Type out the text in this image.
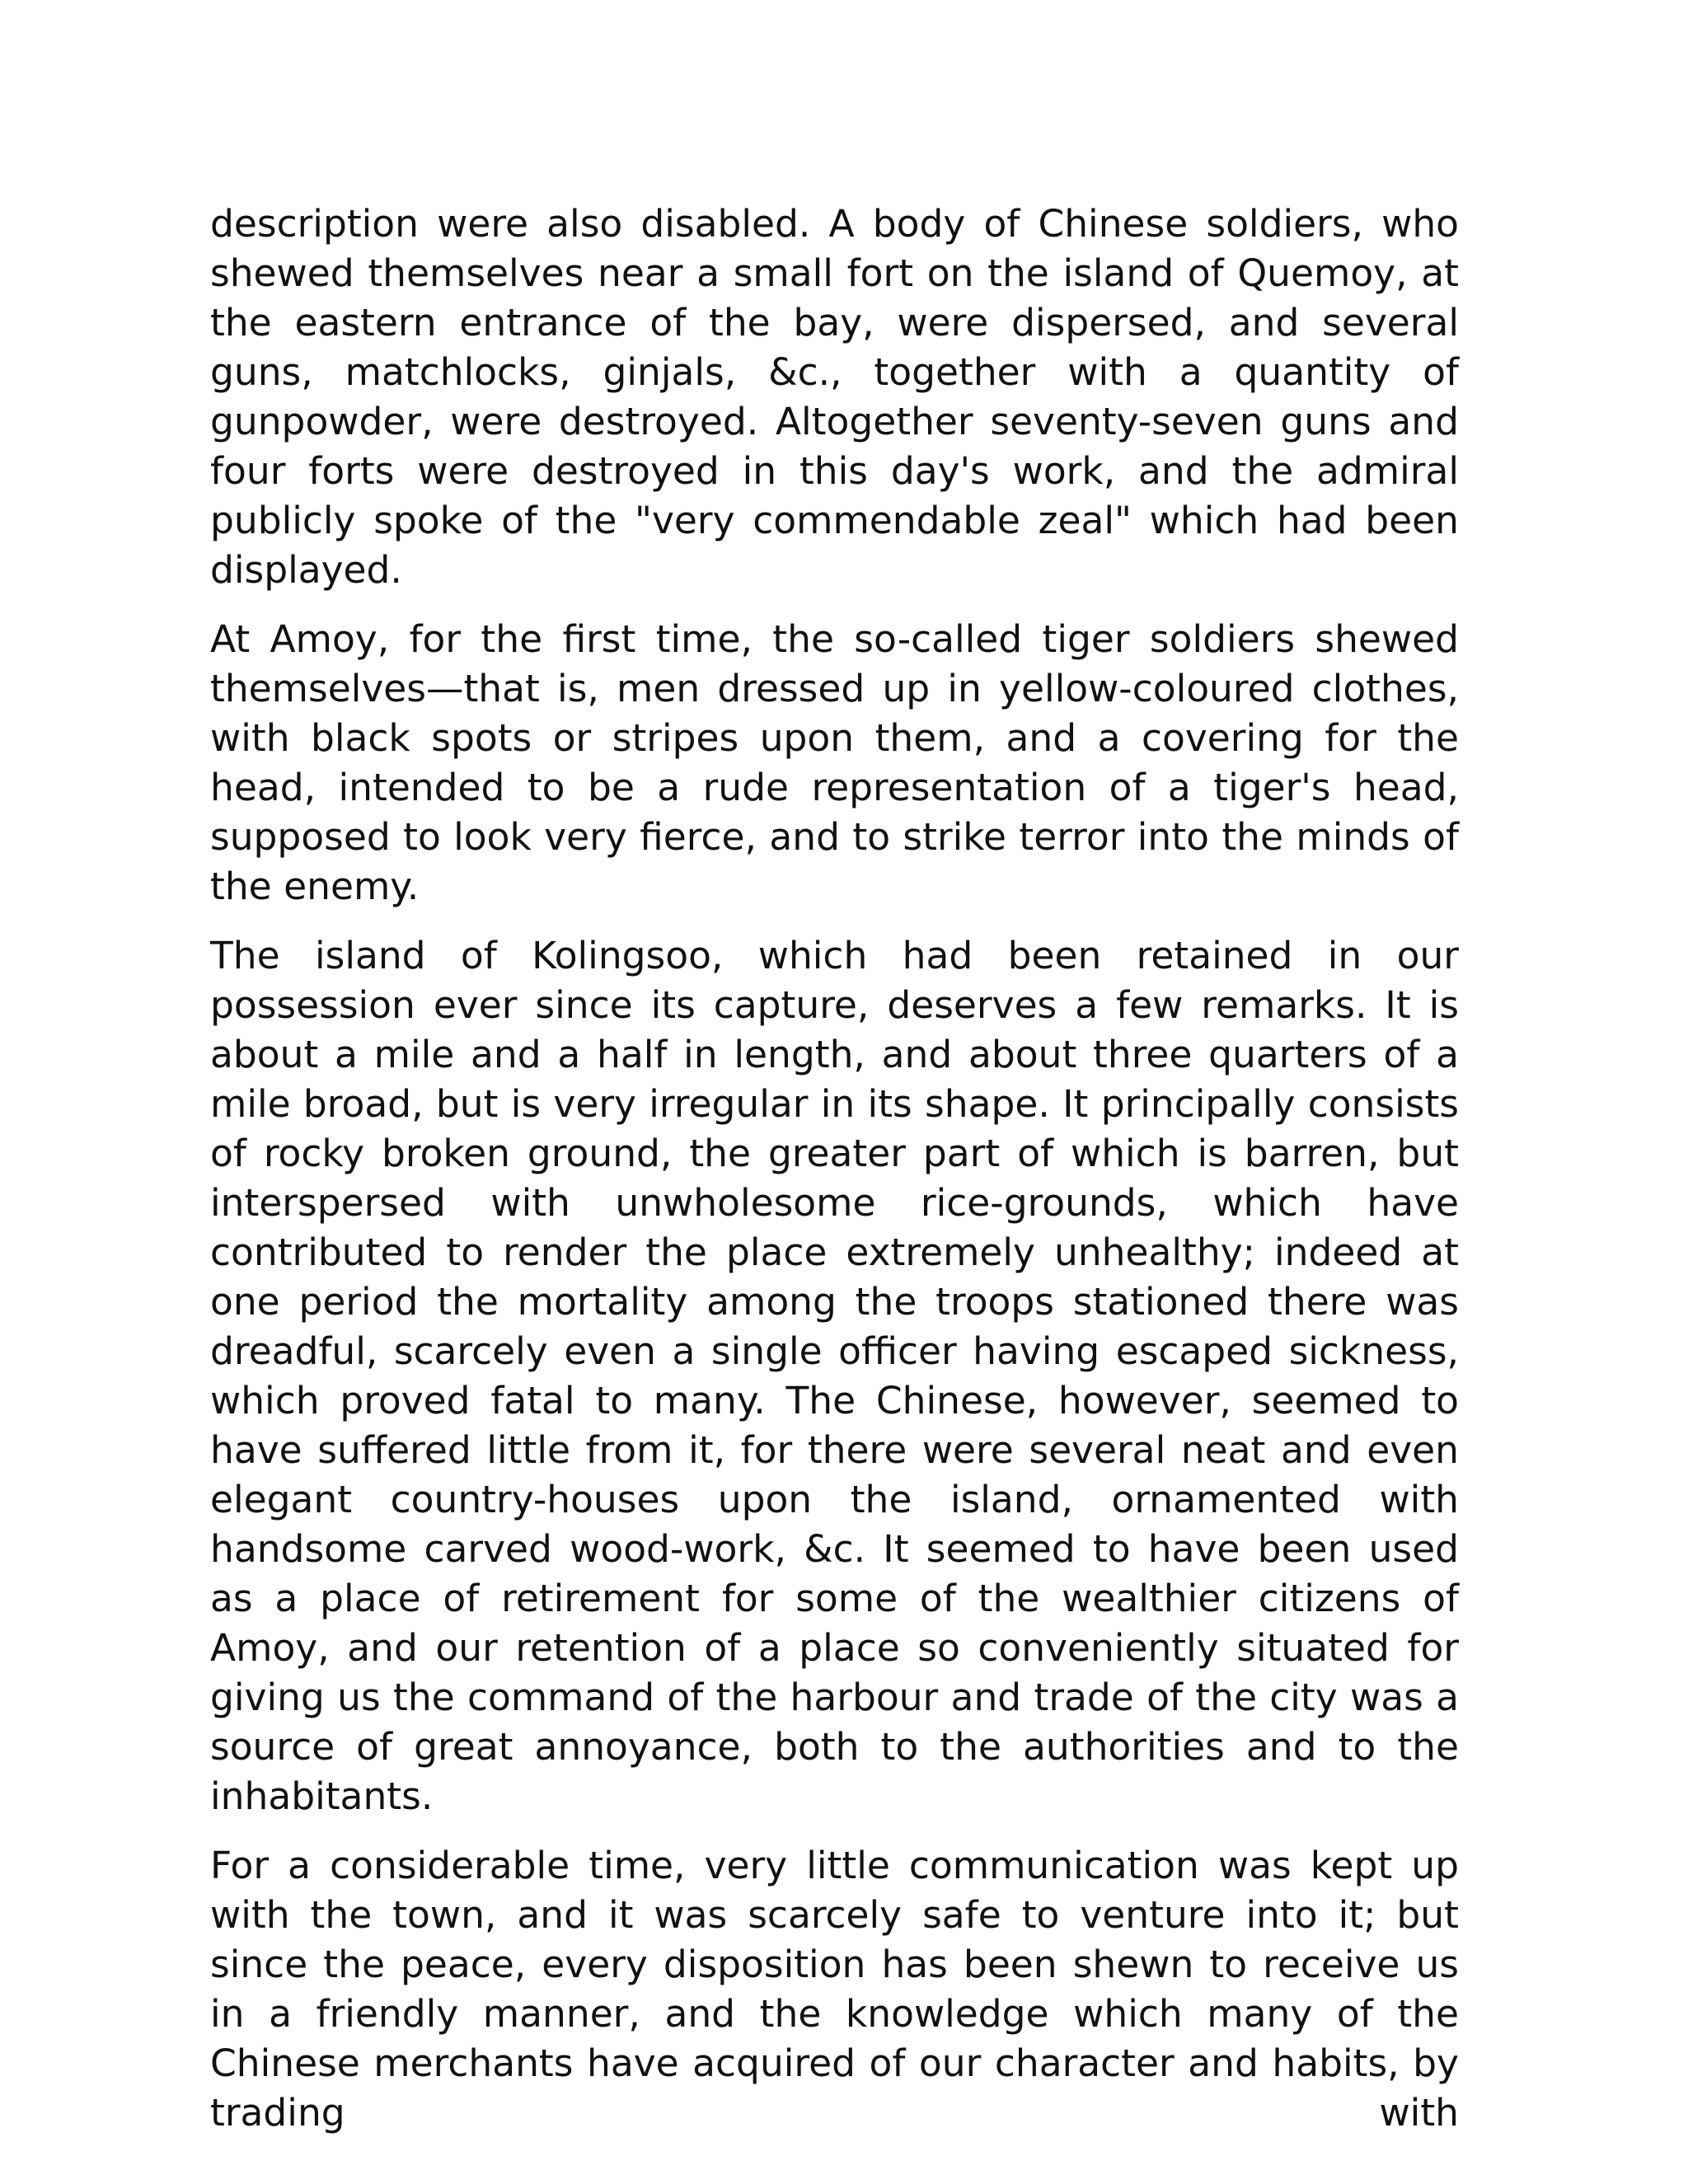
description were also disabled. A body of Chinese soldiers, who shewed themselves near a small fort on the island of Quemoy, at the eastern entrance of the bay, were dispersed, and several guns, matchlocks, ginjals, &c., together with a quantity of gunpowder, were destroyed. Altogether seventy-seven guns and four forts were destroyed in this day's work, and the admiral publicly spoke of the "very commendable zeal" which had been displayed.

At Amoy, for the first time, the so-called tiger soldiers shewed themselves—that is, men dressed up in yellow-coloured clothes, with black spots or stripes upon them, and a covering for the head, intended to be a rude representation of a tiger's head, supposed to look very fierce, and to strike terror into the minds of the enemy.

The island of Kolingsoo, which had been retained in our possession ever since its capture, deserves a few remarks. It is about a mile and a half in length, and about three quarters of a mile broad, but is very irregular in its shape. It principally consists of rocky broken ground, the greater part of which is barren, but interspersed with unwholesome rice-grounds, which have contributed to render the place extremely unhealthy; indeed at one period the mortality among the troops stationed there was dreadful, scarcely even a single officer having escaped sickness, which proved fatal to many. The Chinese, however, seemed to have suffered little from it, for there were several neat and even elegant country-houses upon the island, ornamented with handsome carved wood-work, &c. It seemed to have been used as a place of retirement for some of the wealthier citizens of Amoy, and our retention of a place so conveniently situated for giving us the command of the harbour and trade of the city was a source of great annoyance, both to the authorities and to the inhabitants.

For a considerable time, very little communication was kept up with the town, and it was scarcely safe to venture into it; but since the peace, every disposition has been shewn to receive us in a friendly manner, and the knowledge which many of the Chinese merchants have acquired of our character and habits, by trading with
